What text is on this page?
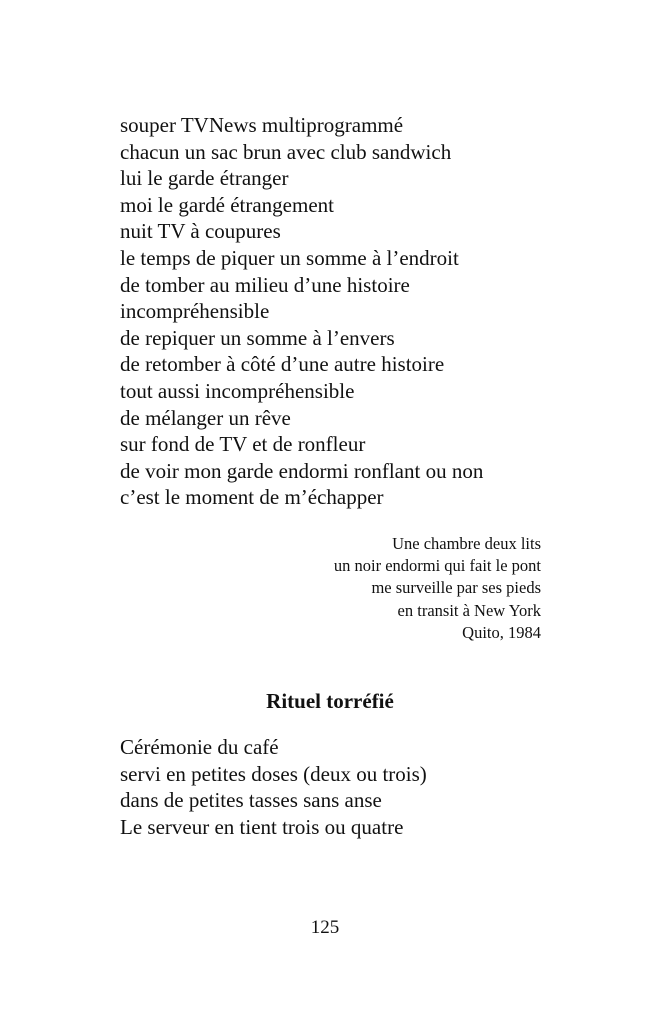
souper TVNews multiprogrammé
chacun un sac brun avec club sandwich
lui le garde étranger
moi le gardé étrangement
nuit TV à coupures
le temps de piquer un somme à l’endroit
de tomber au milieu d’une histoire
incompréhensible
de repiquer un somme à l’envers
de retomber à côté d’une autre histoire
tout aussi incompréhensible
de mélanger un rêve
sur fond de TV et de ronfleur
de voir mon garde endormi ronflant ou non
c’est le moment de m’échapper
Une chambre deux lits
un noir endormi qui fait le pont
me surveille par ses pieds
en transit à New York
Quito, 1984
Rituel torréfié
Cérémonie du café
servi en petites doses (deux ou trois)
dans de petites tasses sans anse
Le serveur en tient trois ou quatre
125
